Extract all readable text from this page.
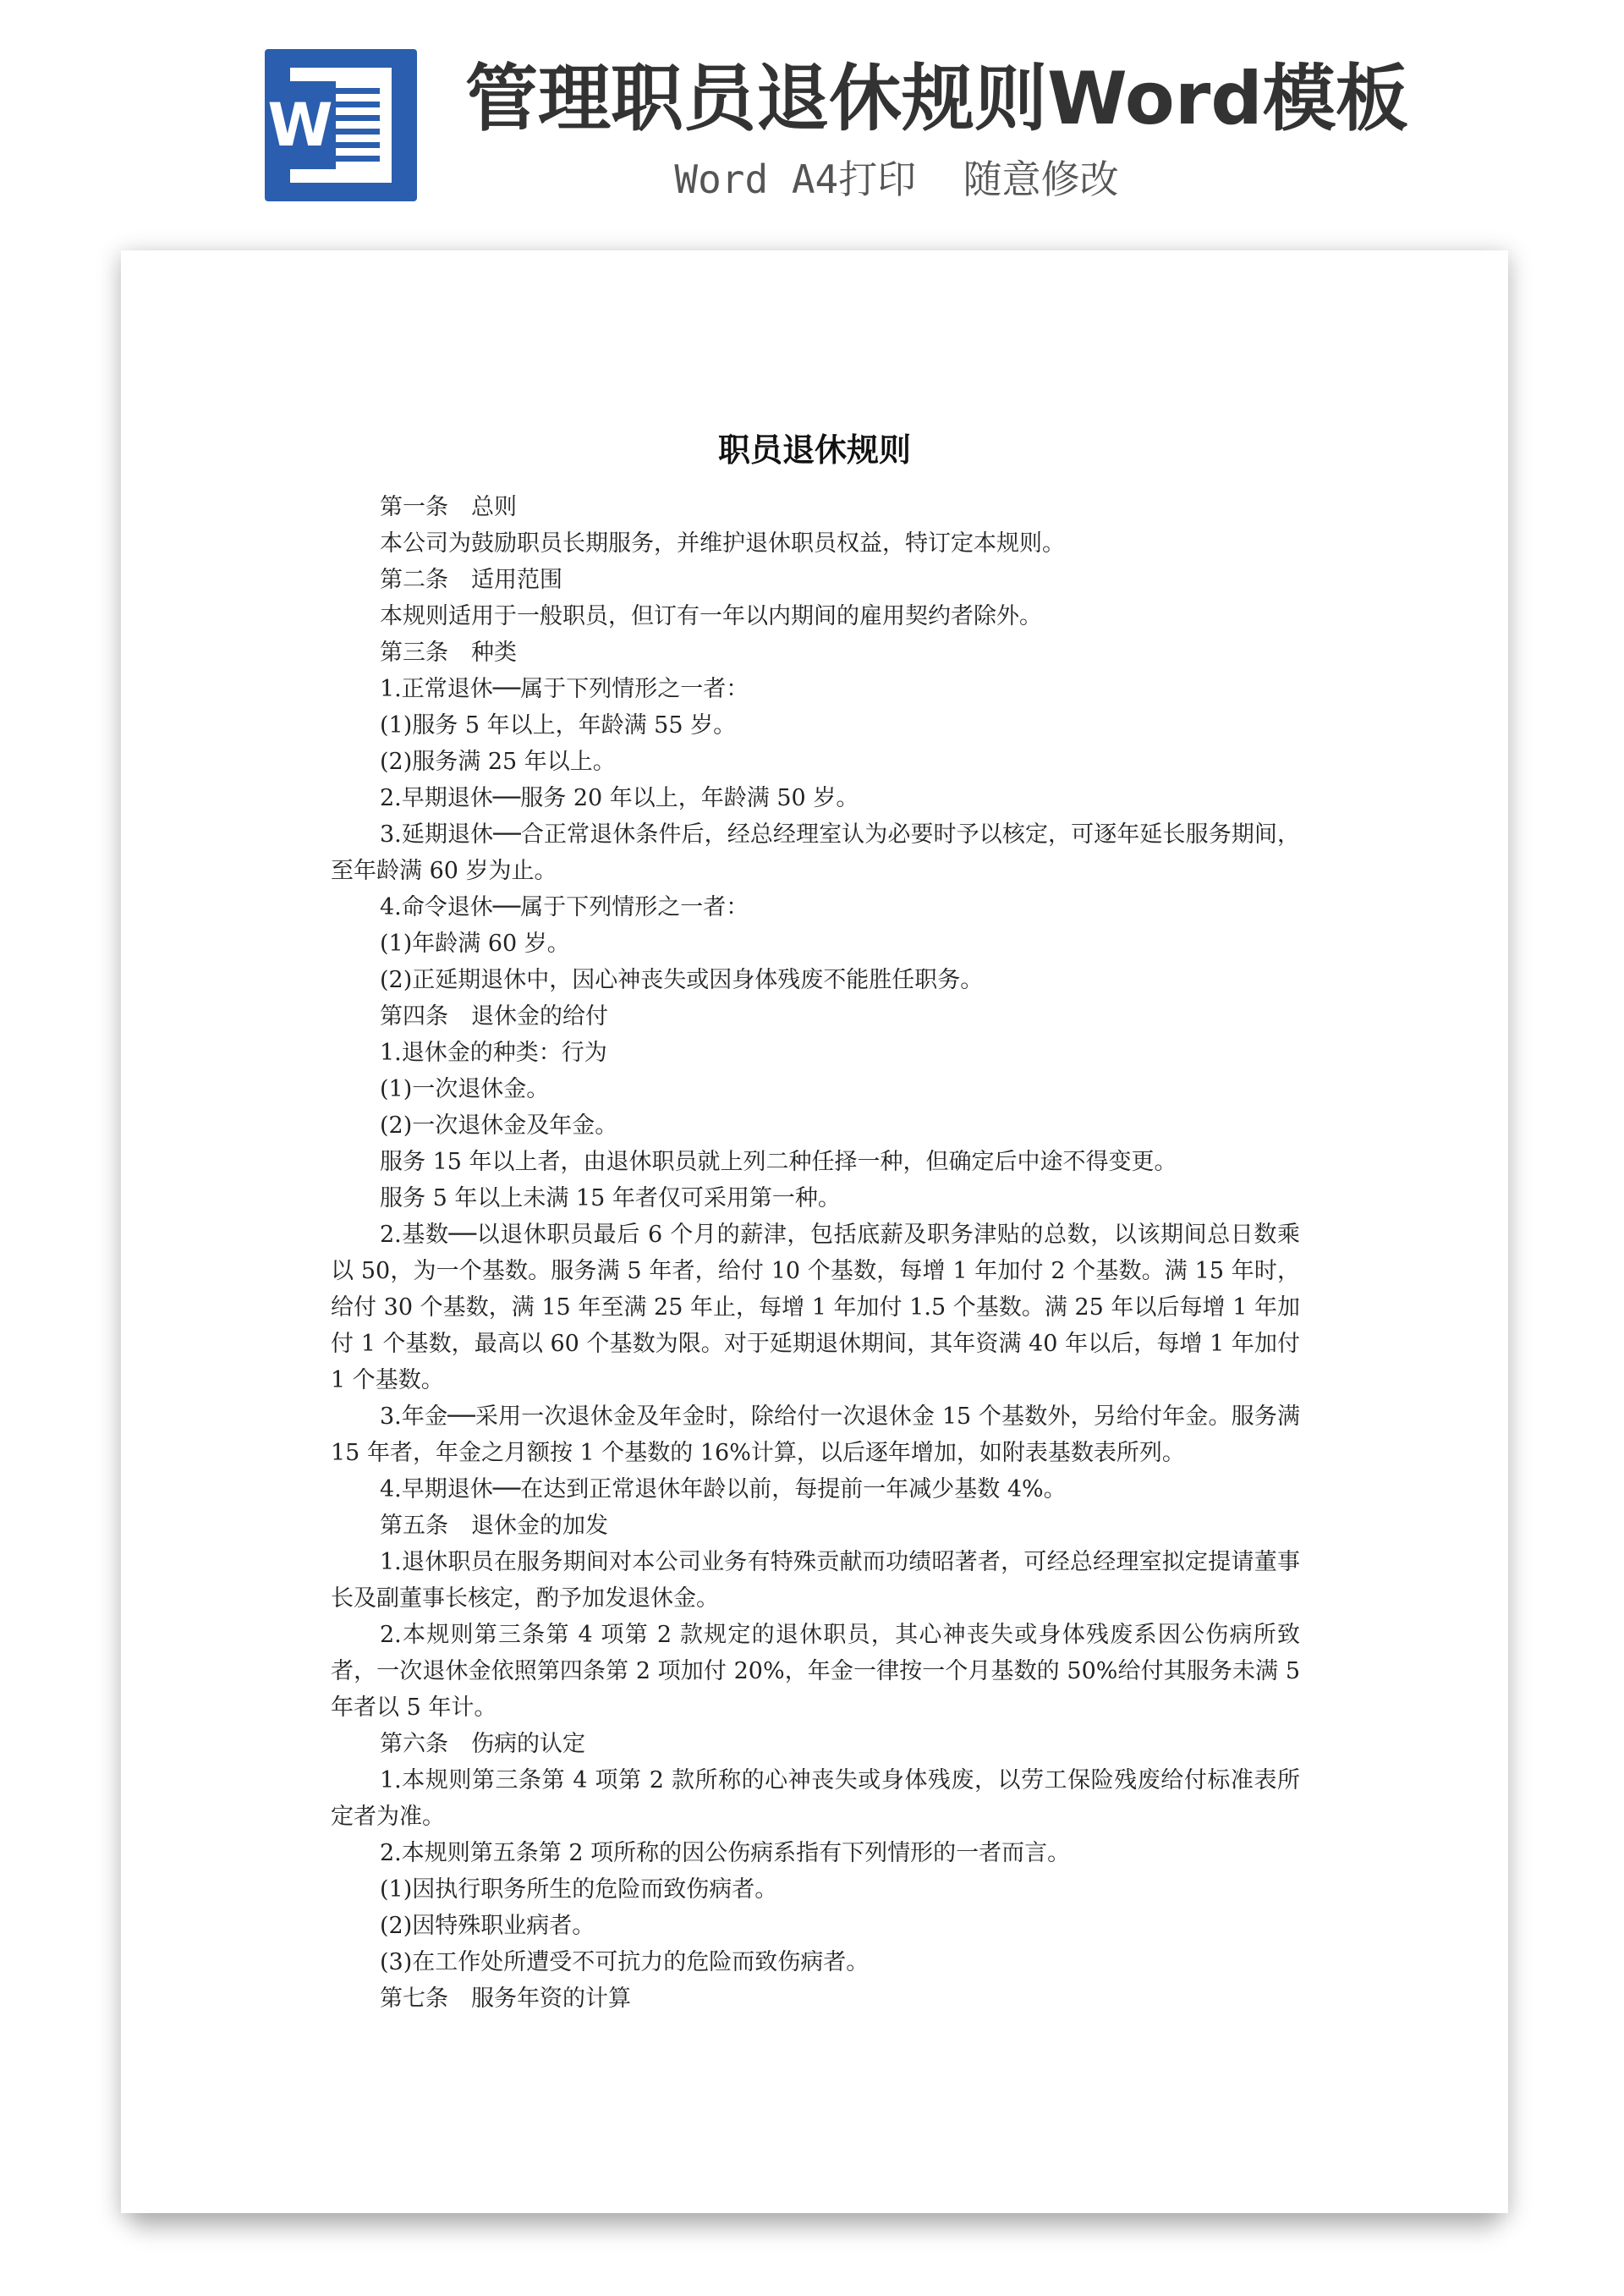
W 管理职员退休规则Word模板
Word A4打印  随意修改
职员退休规则

第一条　总则

本公司为鼓励职员长期服务，并维护退休职员权益，特订定本规则。

第二条　适用范围

本规则适用于一般职员，但订有一年以内期间的雇用契约者除外。

第三条　种类

1.正常退休──属于下列情形之一者：

(1)服务 5 年以上，年龄满 55 岁。

(2)服务满 25 年以上。

2.早期退休──服务 20 年以上，年龄满 50 岁。

3.延期退休──合正常退休条件后，经总经理室认为必要时予以核定，可逐年延长服务期间，至年龄满 60 岁为止。

4.命令退休──属于下列情形之一者：

(1)年龄满 60 岁。

(2)正延期退休中，因心神丧失或因身体残废不能胜任职务。

第四条　退休金的给付

1.退休金的种类：行为

(1)一次退休金。

(2)一次退休金及年金。

服务 15 年以上者，由退休职员就上列二种任择一种，但确定后中途不得变更。

服务 5 年以上未满 15 年者仅可采用第一种。

2.基数──以退休职员最后 6 个月的薪津，包括底薪及职务津贴的总数，以该期间总日数乘以 50，为一个基数。服务满 5 年者，给付 10 个基数，每增 1 年加付 2 个基数。满 15 年时，给付 30 个基数，满 15 年至满 25 年止，每增 1 年加付 1.5 个基数。满 25 年以后每增 1 年加付 1 个基数，最高以 60 个基数为限。对于延期退休期间，其年资满 40 年以后，每增 1 年加付 1 个基数。

3.年金──采用一次退休金及年金时，除给付一次退休金 15 个基数外，另给付年金。服务满 15 年者，年金之月额按 1 个基数的 16%计算，以后逐年增加，如附表基数表所列。

4.早期退休──在达到正常退休年龄以前，每提前一年减少基数 4%。

第五条　退休金的加发

1.退休职员在服务期间对本公司业务有特殊贡献而功绩昭著者，可经总经理室拟定提请董事长及副董事长核定，酌予加发退休金。

2.本规则第三条第 4 项第 2 款规定的退休职员，其心神丧失或身体残废系因公伤病所致者，一次退休金依照第四条第 2 项加付 20%，年金一律按一个月基数的 50%给付其服务未满 5 年者以 5 年计。

第六条　伤病的认定

1.本规则第三条第 4 项第 2 款所称的心神丧失或身体残废，以劳工保险残废给付标准表所定者为准。

2.本规则第五条第 2 项所称的因公伤病系指有下列情形的一者而言。

(1)因执行职务所生的危险而致伤病者。

(2)因特殊职业病者。

(3)在工作处所遭受不可抗力的危险而致伤病者。

第七条　服务年资的计算
